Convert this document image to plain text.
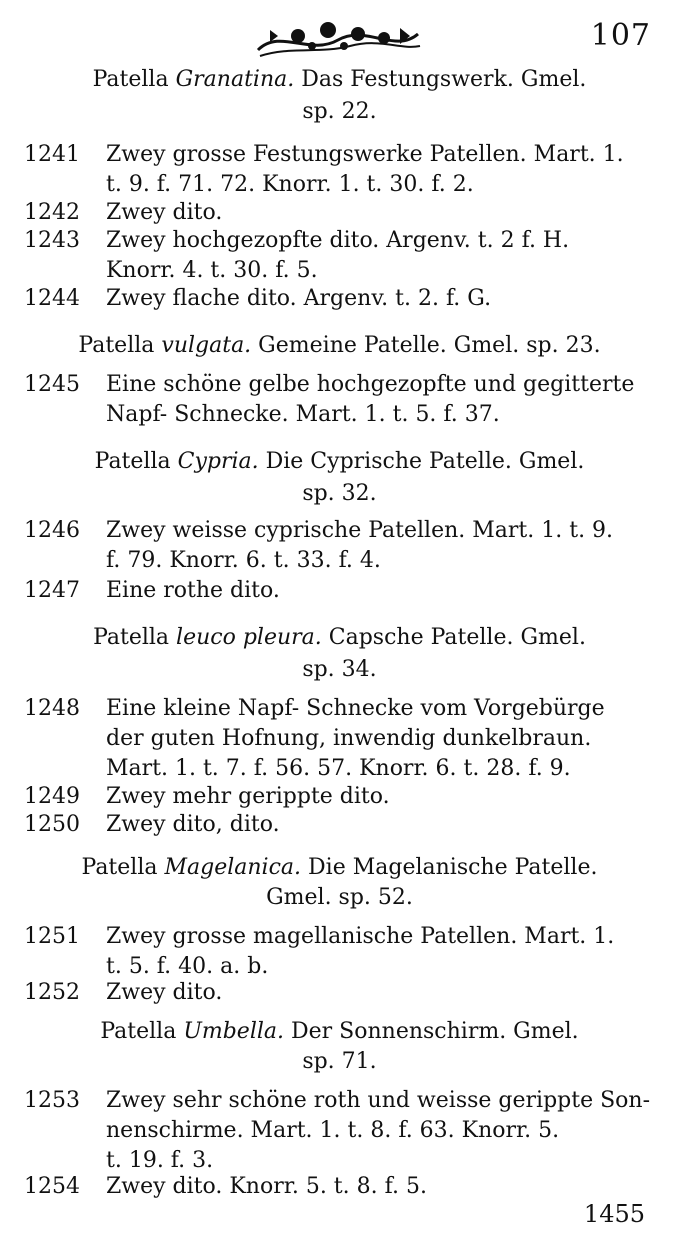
107
Patella Granatina. Das Festungswerk. Gmel.
sp. 22.
1241	Zwey grosse Festungswerke Patellen. Mart. 1.
t. 9. f. 71. 72. Knorr. 1. t. 30. f. 2.
1242	Zwey dito.
1243	Zwey hochgezopfte dito. Argenv. t. 2 f. H.
Knorr. 4. t. 30. f. 5.
1244	Zwey flache dito. Argenv. t. 2. f. G.
Patella vulgata. Gemeine Patelle. Gmel. sp. 23.
1245	Eine schöne gelbe hochgezopfte und gegitterte
Napf- Schnecke. Mart. 1. t. 5. f. 37.
Patella Cypria. Die Cyprische Patelle. Gmel.
sp. 32.
1246	Zwey weisse cyprische Patellen. Mart. 1. t. 9.
f. 79. Knorr. 6. t. 33. f. 4.
1247	Eine rothe dito.
Patella leuco pleura. Capsche Patelle. Gmel.
sp. 34.
1248	Eine kleine Napf- Schnecke vom Vorgebürge
der guten Hofnung, inwendig dunkelbraun.
Mart. 1. t. 7. f. 56. 57. Knorr. 6. t. 28. f. 9.
1249	Zwey mehr gerippte dito.
1250	Zwey dito, dito.
Patella Magelanica. Die Magelanische Patelle.
Gmel. sp. 52.
1251	Zwey grosse magellanische Patellen. Mart. 1.
t. 5. f. 40. a. b.
1252	Zwey dito.
Patella Umbella. Der Sonnenschirm. Gmel.
sp. 71.
1253	Zwey sehr schöne roth und weisse gerippte Son-
nenschirme. Mart. 1. t. 8. f. 63. Knorr. 5.
t. 19. f. 3.
1254	Zwey dito. Knorr. 5. t. 8. f. 5.
1455
